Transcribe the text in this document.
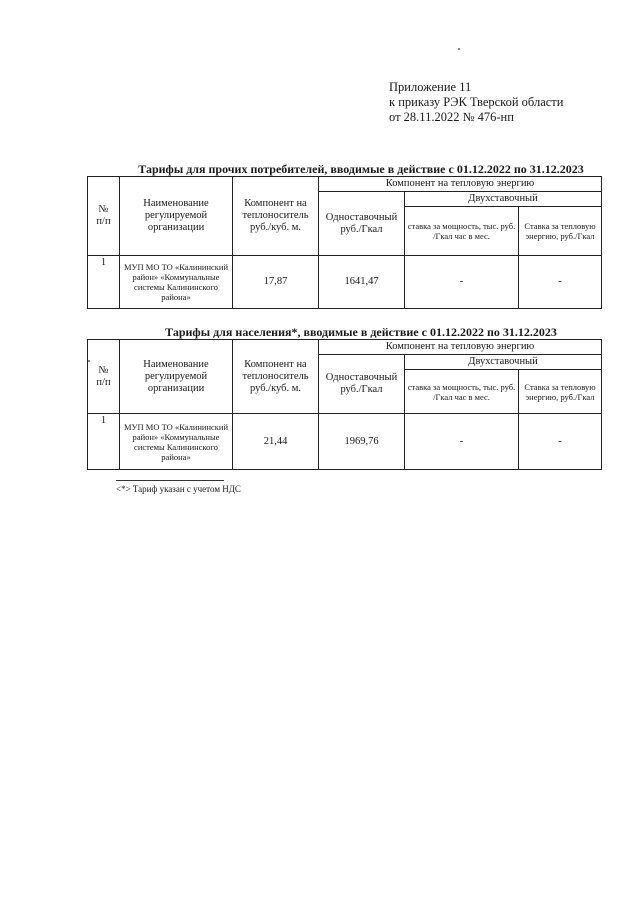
Приложение 11
к приказу РЭК Тверской области
от 28.11.2022 № 476-нп
Тарифы для прочих потребителей, вводимые в действие с 01.12.2022 по 31.12.2023
№
п/п	Наименование регулируемой организации	Компонент на теплоноситель руб./куб. м.	Компонент на тепловую энергию		
			Одноставочный руб./Гкал	Двухставочный	
				ставка за мощность, тыс. руб. /Гкал час в мес.	Ставка за тепловую энергию, руб./Гкал
1	МУП МО ТО «Калининский район» «Коммунальные системы Калининского района»	17,87	1641,47	-	-
Тарифы для населения*, вводимые в действие с 01.12.2022 по 31.12.2023
№
п/п	Наименование регулируемой организации	Компонент на теплоноситель руб./куб. м.	Компонент на тепловую энергию		
			Одноставочный руб./Гкал	Двухставочный	
				ставка за мощность, тыс. руб. /Гкал час в мес.	Ставка за тепловую энергию, руб./Гкал
1	МУП МО ТО «Калининский район» «Коммунальные системы Калининского района»	21,44	1969,76	-	-
<*> Тариф указан с учетом НДС
